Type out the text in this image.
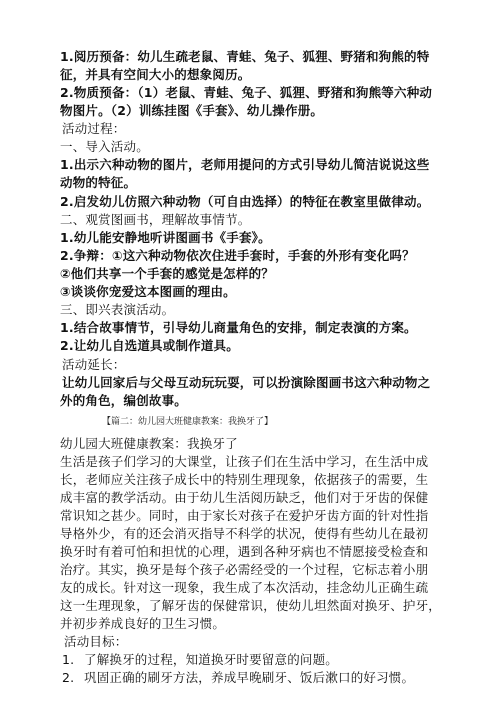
1.阅历预备：幼儿生疏老鼠、青蛙、兔子、狐狸、野猪和狗熊的特
征，并具有空间大小的想象阅历。
2.物质预备：（1）老鼠、青蛙、兔子、狐狸、野猪和狗熊等六种动
物图片。（2）训练挂图《手套》、幼儿操作册。
活动过程：
一、导入活动。
1.出示六种动物的图片，老师用提问的方式引导幼儿简洁说说这些
动物的特征。
2.启发幼儿仿照六种动物（可自由选择）的特征在教室里做律动。
二、观赏图画书，理解故事情节。
1.幼儿能安静地听讲图画书《手套》。
2.争辩：①这六种动物依次住进手套时，手套的外形有变化吗？
②他们共享一个手套的感觉是怎样的？
③谈谈你宠爱这本图画的理由。
三、即兴表演活动。
1.结合故事情节，引导幼儿商量角色的安排，制定表演的方案。
2.让幼儿自选道具或制作道具。
活动延长：
让幼儿回家后与父母互动玩玩耍，可以扮演除图画书这六种动物之
外的角色，编创故事。
【篇二：幼儿园大班健康教案：我换牙了】
幼儿园大班健康教案：我换牙了
生活是孩子们学习的大课堂，让孩子们在生活中学习，在生活中成
长，老师应关注孩子成长中的特别生理现象，依据孩子的需要，生
成丰富的教学活动。由于幼儿生活阅历缺乏，他们对于牙齿的保健
常识知之甚少。同时，由于家长对孩子在爱护牙齿方面的针对性指
导格外少，有的还会消灭指导不科学的状况，使得有些幼儿在最初
换牙时有着可怕和担忧的心理，遇到各种牙病也不情愿接受检查和
治疗。其实，换牙是每个孩子必需经受的一个过程，它标志着小朋
友的成长。针对这一现象，我生成了本次活动，挂念幼儿正确生疏
这一生理现象，了解牙齿的保健常识，使幼儿坦然面对换牙、护牙，
并初步养成良好的卫生习惯。
活动目标：
1. 了解换牙的过程，知道换牙时要留意的问题。
2. 巩固正确的刷牙方法，养成早晚刷牙、饭后漱口的好习惯。
